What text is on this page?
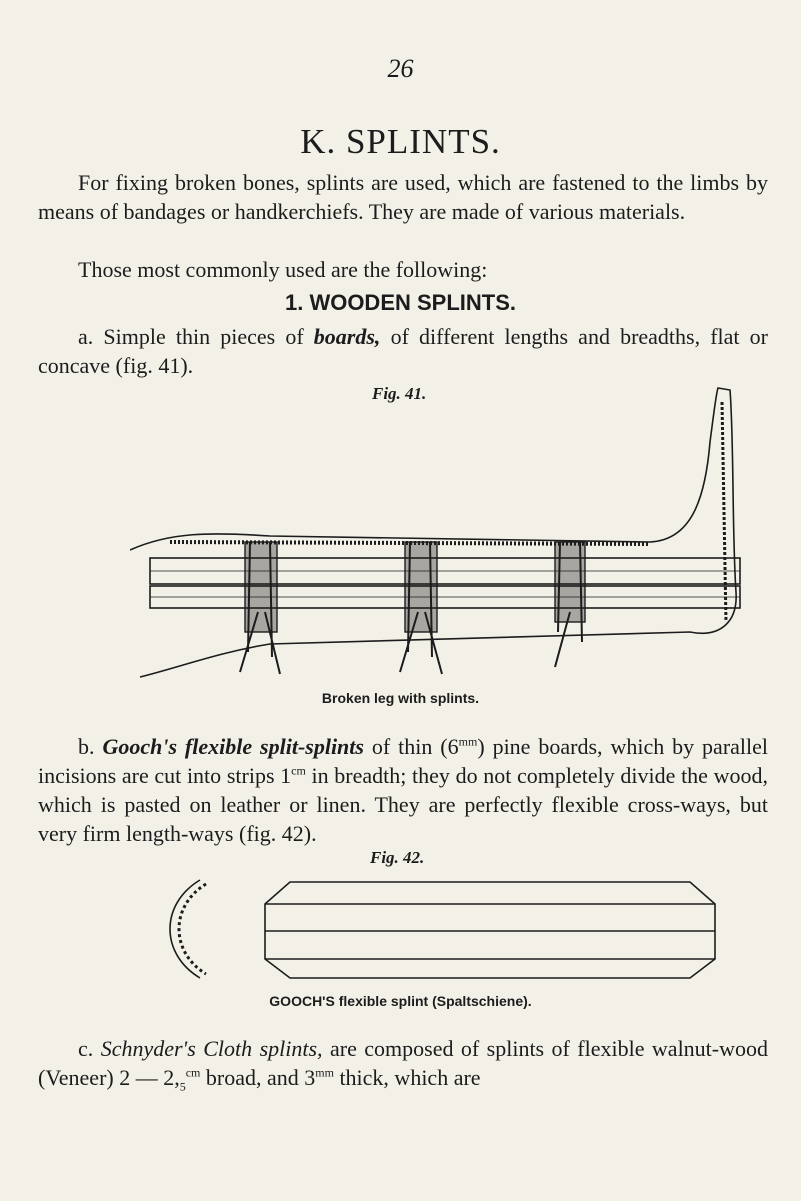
26
K. SPLINTS.

For fixing broken bones, splints are used, which are fastened to the limbs by means of bandages or handkerchiefs. They are made of various materials.

Those most commonly used are the following:

1. WOODEN SPLINTS.

a. Simple thin pieces of boards, of different lengths and breadths, flat or concave (fig. 41).

Fig. 41.
Broken leg with splints.

b. Gooch's flexible split-splints of thin $(6^{mm})$ pine boards, which by parallel incisions are cut into strips $1^{cm}$ in breadth; they do not completely divide the wood, which is pasted on leather or linen. They are perfectly flexible cross-ways, but very firm length-ways (fig. 42).

Fig. 42.
GOOCH'S flexible splint (Spaltschiene).

c. Schnyder's Cloth splints, are composed of splints of flexible walnut-wood (Veneer) 2 — $2,_5^{cm}$ broad, and $3^{mm}$ thick, which are
